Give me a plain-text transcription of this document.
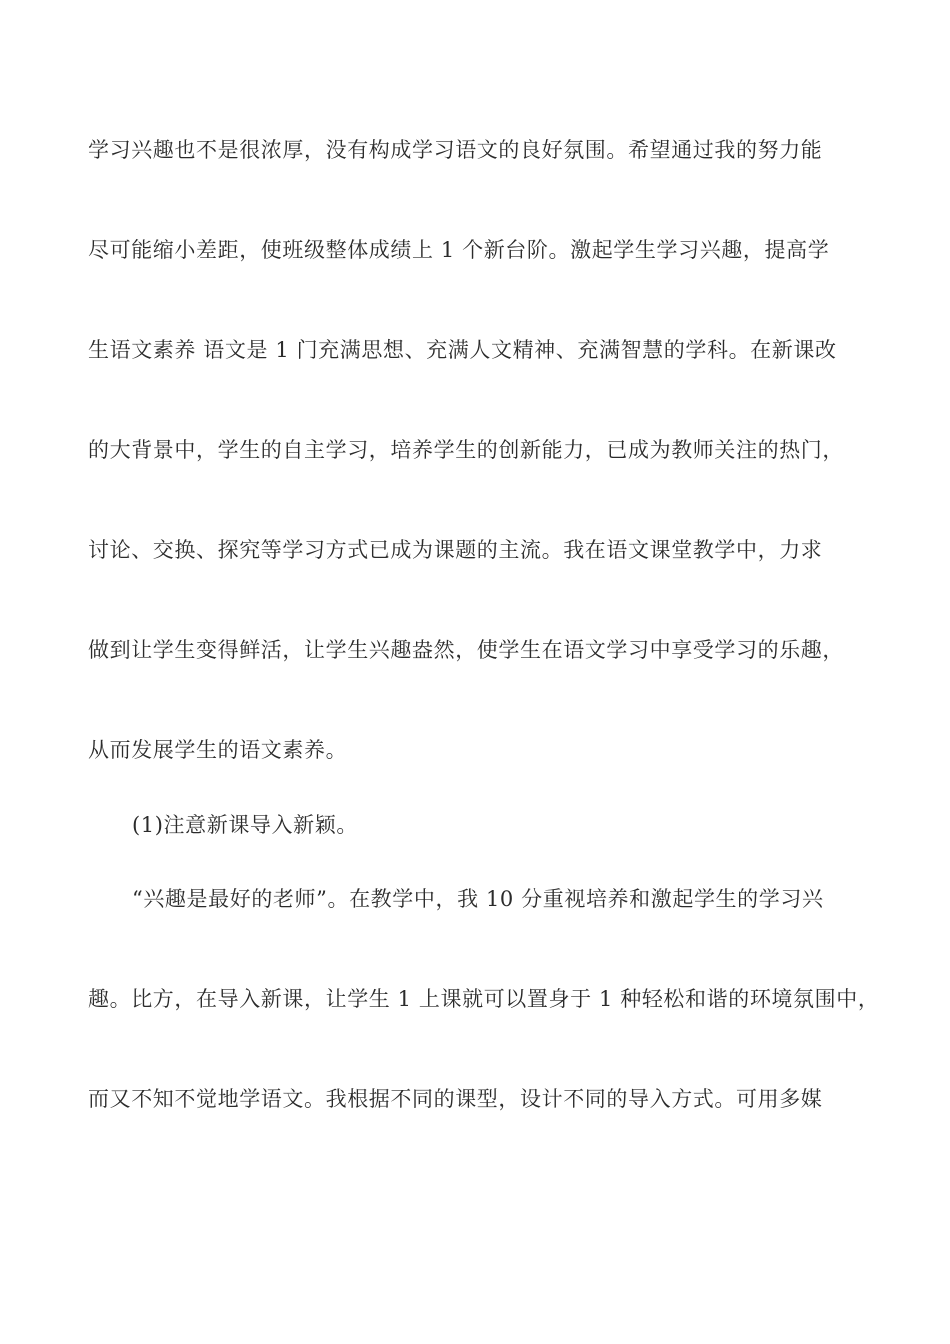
学习兴趣也不是很浓厚，没有构成学习语文的良好氛围。希望通过我的努力能
尽可能缩小差距，使班级整体成绩上 1 个新台阶。激起学生学习兴趣，提高学
生语文素养 语文是 1 门充满思想、充满人文精神、充满智慧的学科。在新课改
的大背景中，学生的自主学习，培养学生的创新能力，已成为教师关注的热门，
讨论、交换、探究等学习方式已成为课题的主流。我在语文课堂教学中，力求
做到让学生变得鲜活，让学生兴趣盎然，使学生在语文学习中享受学习的乐趣，
从而发展学生的语文素养。
(1)注意新课导入新颖。
“兴趣是最好的老师”。在教学中，我 10 分重视培养和激起学生的学习兴
趣。比方，在导入新课，让学生 1 上课就可以置身于 1 种轻松和谐的环境氛围中，
而又不知不觉地学语文。我根据不同的课型，设计不同的导入方式。可用多媒
